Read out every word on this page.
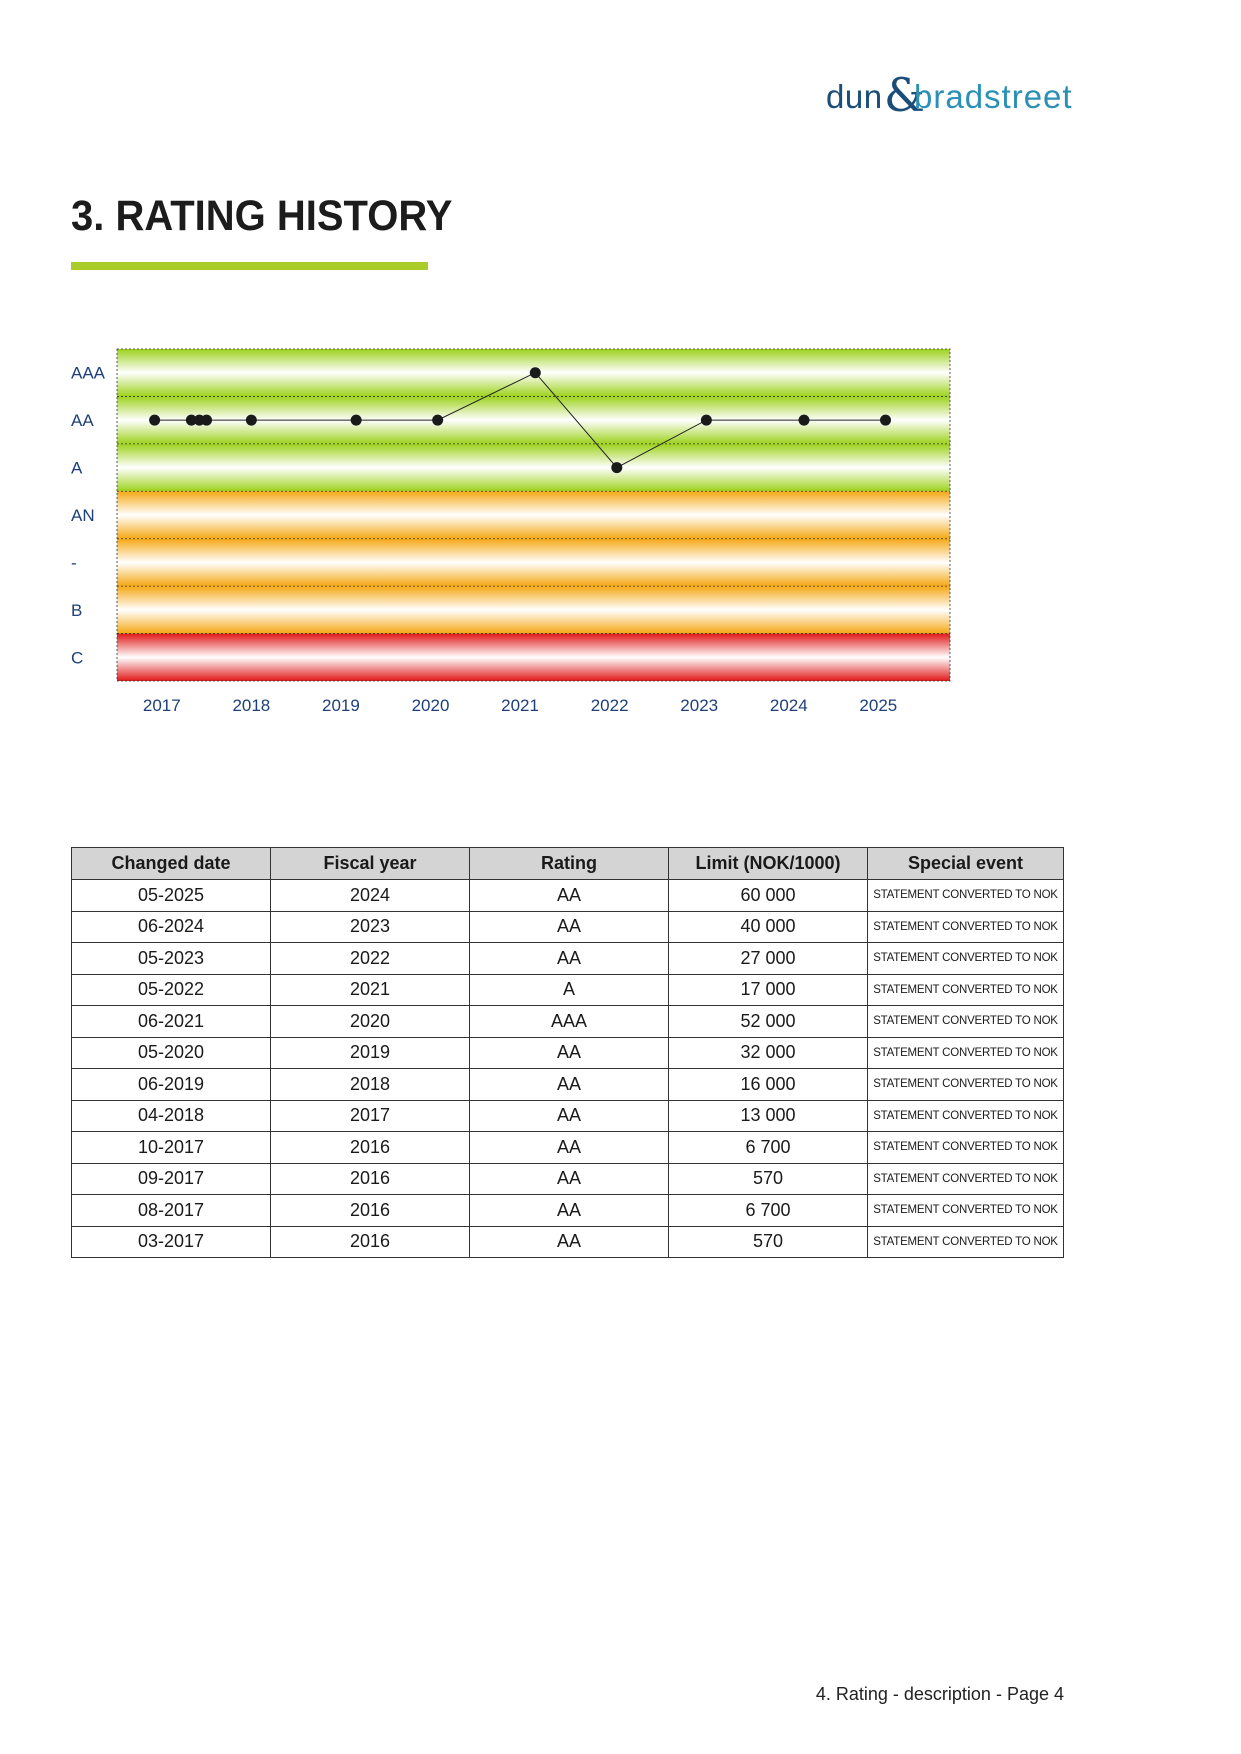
dun &
bradstreet
3. RATING HISTORY
AAA
AA
A
AN
-
B
C
2017	2018	2019	2020	2021	2022	2023	2024	2025
Changed date	Fiscal year	Rating	Limit (NOK/1000)	Special event
05-2025	2024	AA	60 000	STATEMENT CONVERTED TO NOK
06-2024	2023	AA	40 000	STATEMENT CONVERTED TO NOK
05-2023	2022	AA	27 000	STATEMENT CONVERTED TO NOK
05-2022	2021	A	17 000	STATEMENT CONVERTED TO NOK
06-2021	2020	AAA	52 000	STATEMENT CONVERTED TO NOK
05-2020	2019	AA	32 000	STATEMENT CONVERTED TO NOK
06-2019	2018	AA	16 000	STATEMENT CONVERTED TO NOK
04-2018	2017	AA	13 000	STATEMENT CONVERTED TO NOK
10-2017	2016	AA	6 700	STATEMENT CONVERTED TO NOK
09-2017	2016	AA	570	STATEMENT CONVERTED TO NOK
08-2017	2016	AA	6 700	STATEMENT CONVERTED TO NOK
03-2017	2016	AA	570	STATEMENT CONVERTED TO NOK
4. Rating - description - Page 4
